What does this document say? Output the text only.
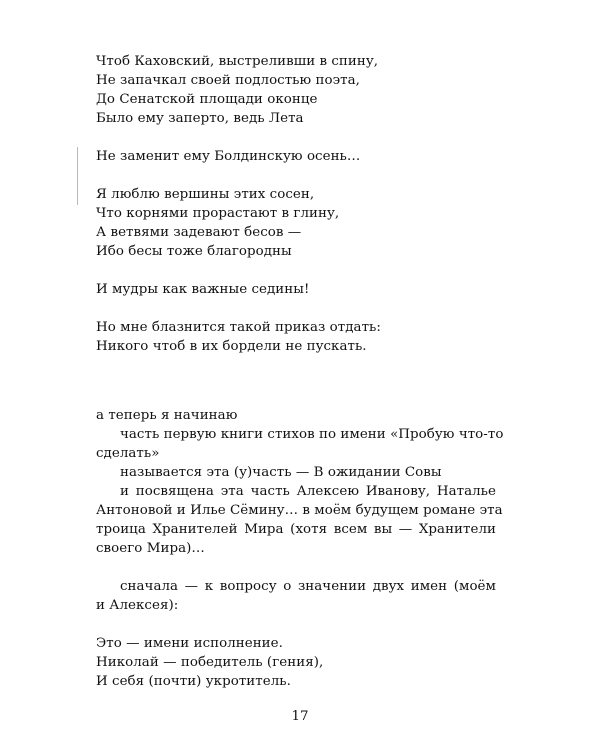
Чтоб Каховский, выстреливши в спину,
Не запачкал своей подлостью поэта,
До Сенатской площади оконце
Было ему заперто, ведь Лета
Не заменит ему Болдинскую осень…
Я люблю вершины этих сосен,
Что корнями прорастают в глину,
А ветвями задевают бесов —
Ибо бесы тоже благородны
И мудры как важные седины!
Но мне блазнится такой приказ отдать:
Никого чтоб в их бордели не пускать.
а теперь я начинаю
часть первую книги стихов по имени «Пробую что-то
сделать»
называется эта (у)часть — В ожидании Совы
и посвящена эта часть Алексею Иванову, Наталье
Антоновой и Илье Сёмину… в моём будущем романе эта
троица Хранителей Мира (хотя всем вы — Хранители
своего Мира)…
сначала — к вопросу о значении двух имен (моём
и Алексея):
Это — имени исполнение.
Николай — победитель (гения),
И себя (почти) укротитель.
17
